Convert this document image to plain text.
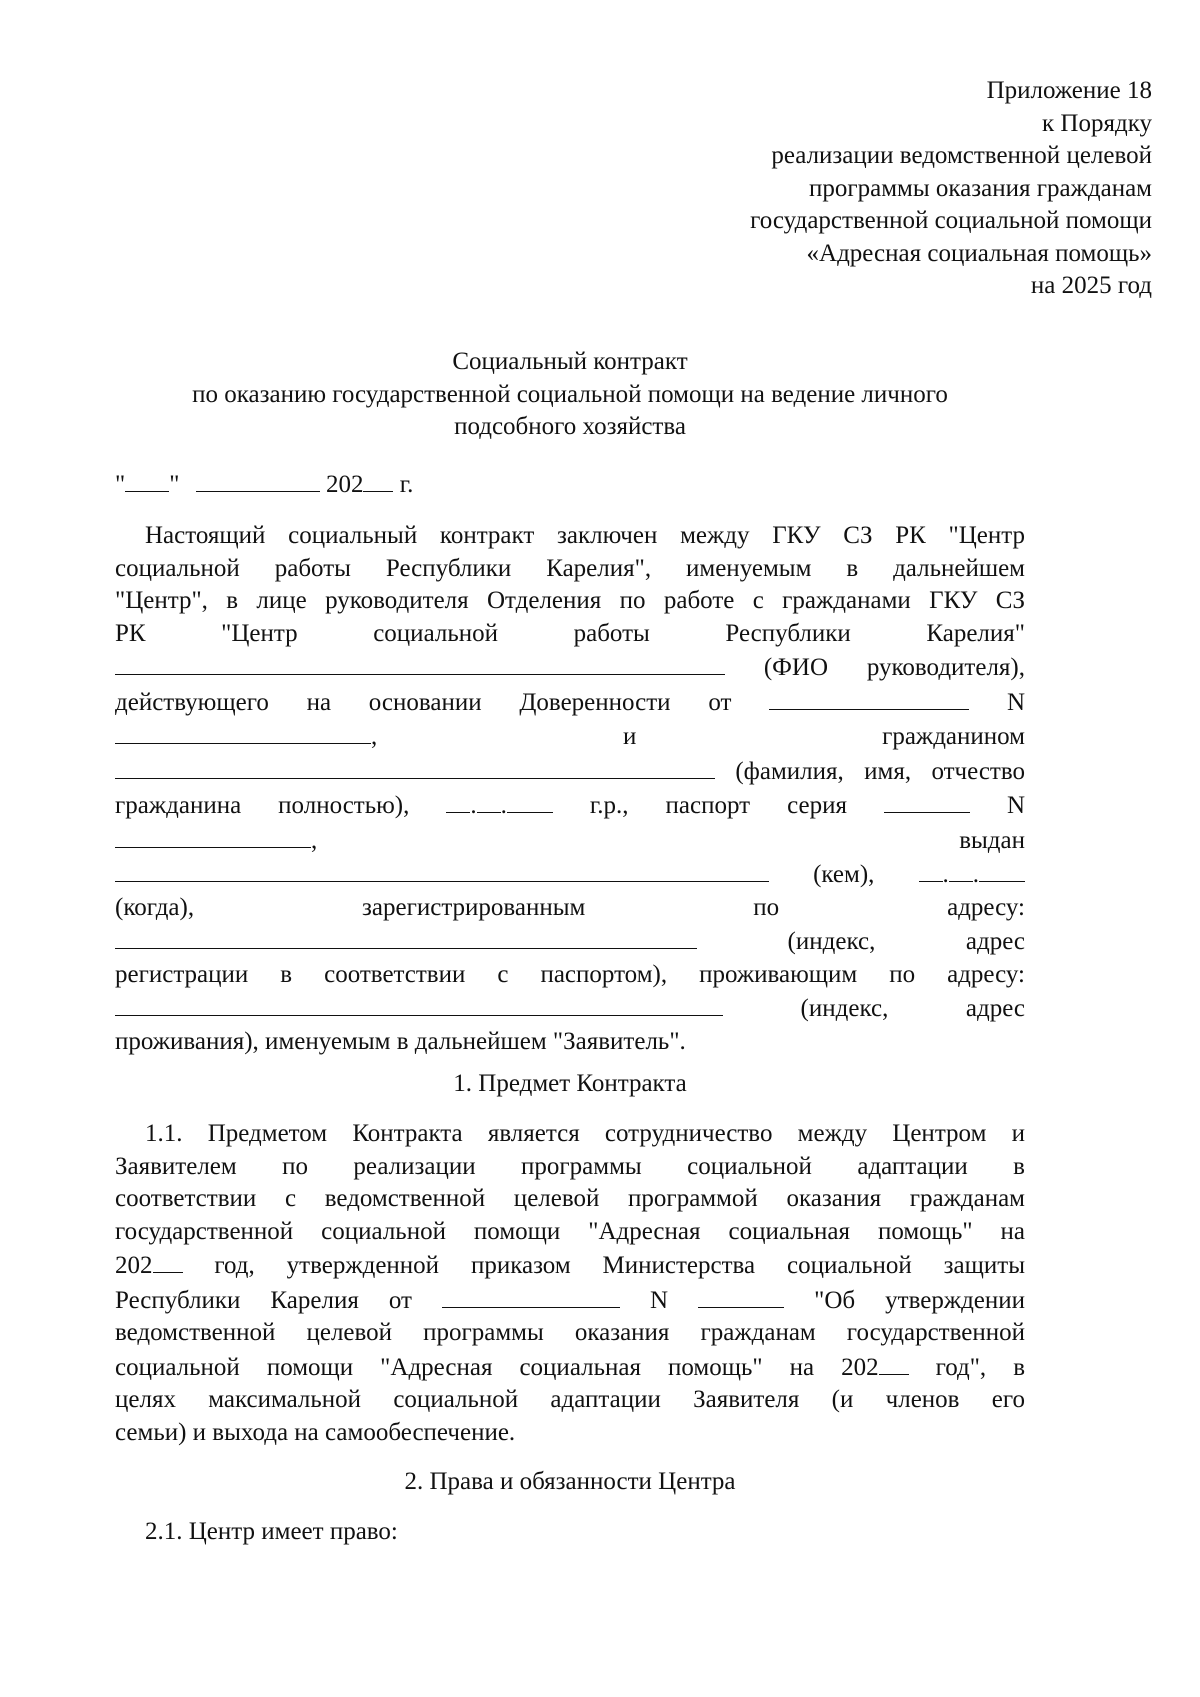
Приложение 18
к Порядку
реализации ведомственной целевой
программы оказания гражданам
государственной социальной помощи
«Адресная социальная помощь»
на 2025 год
Социальный контракт
по оказанию государственной социальной помощи на ведение личного
подсобного хозяйства
" "	202 г.
Настоящий социальный контракт заключен между ГКУ СЗ РК "Центр
социальной работы Республики Карелия", именуемым в дальнейшем
"Центр", в лице руководителя Отделения по работе с гражданами ГКУ СЗ
РК "Центр социальной работы Республики Карелия"
(ФИО руководителя),
действующего на основании Доверенности от	N
,	и	гражданином
(фамилия, имя, отчество
гражданина полностью), . .	г.р., паспорт серия	N
,	выдан
(кем),	. .
(когда),	зарегистрированным	по	адресу:
(индекс,	адрес
регистрации в соответствии с паспортом), проживающим по адресу:
(индекс,	адрес
проживания), именуемым в дальнейшем "Заявитель".
1. Предмет Контракта
1.1. Предметом Контракта является сотрудничество между Центром и
Заявителем по реализации программы социальной адаптации в
соответствии с ведомственной целевой программой оказания гражданам
государственной социальной помощи "Адресная социальная помощь" на
202 год, утвержденной приказом Министерства социальной защиты
Республики Карелия от	N	"Об утверждении
ведомственной целевой программы оказания гражданам государственной
социальной помощи "Адресная социальная помощь" на 202 год", в
целях максимальной социальной адаптации Заявителя (и членов его
семьи) и выхода на самообеспечение.
2. Права и обязанности Центра
2.1. Центр имеет право:
